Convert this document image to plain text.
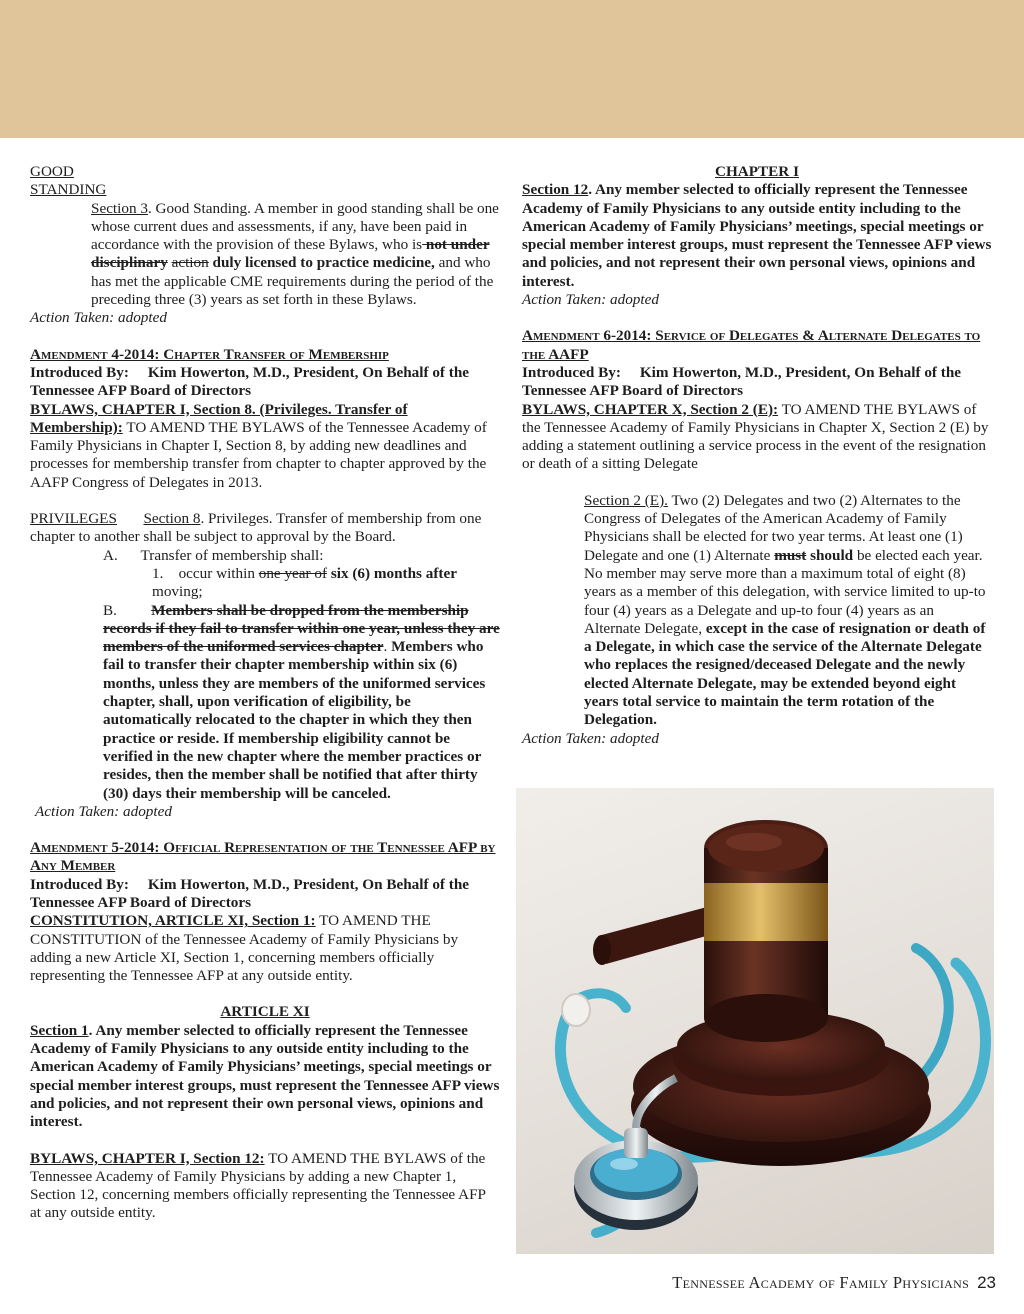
GOOD

STANDING

Section 3. Good Standing. A member in good standing shall be one whose current dues and assessments, if any, have been paid in accordance with the provision of these Bylaws, who is not under disciplinary action duly licensed to practice medicine, and who has met the applicable CME requirements during the period of the preceding three (3) years as set forth in these Bylaws.

Action Taken: adopted

Amendment 4-2014: Chapter Transfer of Membership

Introduced By: Kim Howerton, M.D., President, On Behalf of the Tennessee AFP Board of Directors

BYLAWS, CHAPTER I, Section 8. (Privileges. Transfer of Membership): TO AMEND THE BYLAWS of the Tennessee Academy of Family Physicians in Chapter I, Section 8, by adding new deadlines and processes for membership transfer from chapter to chapter approved by the AAFP Congress of Delegates in 2013.

PRIVILEGES Section 8. Privileges. Transfer of membership from one chapter to another shall be subject to approval by the Board.

A. Transfer of membership shall:

1. occur within one year of six (6) months after moving;

B. Members shall be dropped from the membership records if they fail to transfer within one year, unless they are members of the uniformed services chapter. Members who fail to transfer their chapter membership within six (6) months, unless they are members of the uniformed services chapter, shall, upon verification of eligibility, be automatically relocated to the chapter in which they then practice or reside. If membership eligibility cannot be verified in the new chapter where the member practices or resides, then the member shall be notified that after thirty (30) days their membership will be canceled.

Action Taken: adopted

Amendment 5-2014: Official Representation of the Tennessee AFP by Any Member

Introduced By: Kim Howerton, M.D., President, On Behalf of the Tennessee AFP Board of Directors

CONSTITUTION, ARTICLE XI, Section 1: TO AMEND THE CONSTITUTION of the Tennessee Academy of Family Physicians by adding a new Article XI, Section 1, concerning members officially representing the Tennessee AFP at any outside entity.

ARTICLE XI

Section 1. Any member selected to officially represent the Tennessee Academy of Family Physicians to any outside entity including to the American Academy of Family Physicians’ meetings, special meetings or special member interest groups, must represent the Tennessee AFP views and policies, and not represent their own personal views, opinions and interest.

BYLAWS, CHAPTER I, Section 12: TO AMEND THE BYLAWS of the Tennessee Academy of Family Physicians by adding a new Chapter 1, Section 12, concerning members officially representing the Tennessee AFP at any outside entity.

CHAPTER I

Section 12. Any member selected to officially represent the Tennessee Academy of Family Physicians to any outside entity including to the American Academy of Family Physicians’ meetings, special meetings or special member interest groups, must represent the Tennessee AFP views and policies, and not represent their own personal views, opinions and interest.

Action Taken: adopted

Amendment 6-2014: Service of Delegates & Alternate Delegates to the AAFP

Introduced By: Kim Howerton, M.D., President, On Behalf of the Tennessee AFP Board of Directors

BYLAWS, CHAPTER X, Section 2 (E): TO AMEND THE BYLAWS of the Tennessee Academy of Family Physicians in Chapter X, Section 2 (E) by adding a statement outlining a service process in the event of the resignation or death of a sitting Delegate

Section 2 (E). Two (2) Delegates and two (2) Alternates to the Congress of Delegates of the American Academy of Family Physicians shall be elected for two year terms. At least one (1) Delegate and one (1) Alternate must should be elected each year. No member may serve more than a maximum total of eight (8) years as a member of this delegation, with service limited to up-to four (4) years as a Delegate and up-to four (4) years as an Alternate Delegate, except in the case of resignation or death of a Delegate, in which case the service of the Alternate Delegate who replaces the resigned/deceased Delegate and the newly elected Alternate Delegate, may be extended beyond eight years total service to maintain the term rotation of the Delegation.

Action Taken: adopted

Tennessee Academy of Family Physicians 23
